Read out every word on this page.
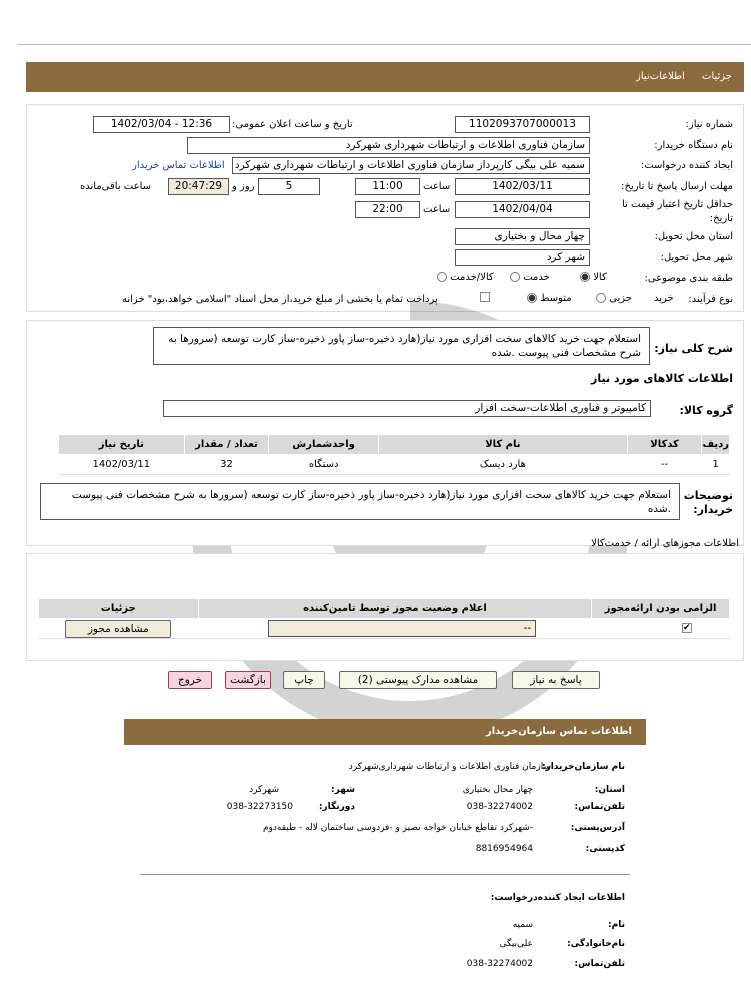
جزئیات اطلاعات‌نیاز
شماره نیاز:
1102093707000013
تاریخ و ساعت اعلان عمومی:
1402/03/04 - 12:36
نام دستگاه خریدار:
سازمان فناوری اطلاعات و ارتباطات شهرداری شهرکرد
ایجاد کننده درخواست:
سمیه علی بیگی کارپرداز سازمان فناوری اطلاعات و ارتباطات شهرداری شهرکرد
اطلاعات تماس خریدار
مهلت ارسال پاسخ تا تاریخ:
1402/03/11
ساعت
11:00
5
روز و
20:47:29
ساعت باقی‌مانده
حداقل تاریخ اعتبار قیمت تا تاریخ:
1402/04/04
ساعت
22:00
استان محل تحویل:
چهار محال و بختیاری
شهر محل تحویل:
شهر کرد
طبقه بندی موضوعی:
کالا
خدمت
کالا/خدمت
نوع فرآیند:
خرید
جزیی
متوسط
پرداخت تمام یا بخشی از مبلغ خرید،از محل اسناد "اسلامی خواهد،بود" خزانه
شرح کلی نیاز:
استعلام جهت خرید کالاهای سخت افزاری مورد نیاز(هارد ذخیره-ساز پاور ذخیره-ساز کارت توسعه (سرورها به شرح مشخصات فنی پیوست .شده
اطلاعات کالاهای مورد نیاز
گروه کالا:
کامپیوتر و فناوری اطلاعات-سخت افزار
ردیف	کدکالا	نام کالا	واحدشمارش	تعداد / مقدار	تاریخ نیاز
1	--	هارد دیسک	دستگاه	32	1402/03/11
توضیحات خریدار:
استعلام جهت خرید کالاهای سخت افزاری مورد نیاز(هارد ذخیره-ساز پاور ذخیره-ساز کارت توسعه (سرورها به شرح مشخصات فنی پیوست .شده
اطلاعات مجوزهای ارائه / خدمت‌کالا
الزامی بودن ارائه‌مجوز	اعلام وضعیت مجوز توسط تامین‌کننده	جزئیات
✔	--	مشاهده مجوز
پاسخ به نیاز
مشاهده مدارک پیوستی (2)
چاپ
بازگشت
خروج
اطلاعات تماس سازمان‌خریدار
نام سازمان‌خریدار:
سازمان فناوری اطلاعات و ارتباطات شهرداری‌شهرکرد
استان:
چهار محال بختیاری
شهر:
شهرکرد
تلفن‌تماس:
038-32274002
دورنگار:
038-32273150
آدرس‌پستی:
-شهرکرد تقاطع خیابان خواجه نصیر و -فردوسی ساختمان لاله - طبقه‌دوم
کدپستی:
8816954964
اطلاعات ایجاد کننده‌درخواست:
نام:
سمیه
نام‌خانوادگی:
علی‌بیگی
تلفن‌تماس:
038-32274002
